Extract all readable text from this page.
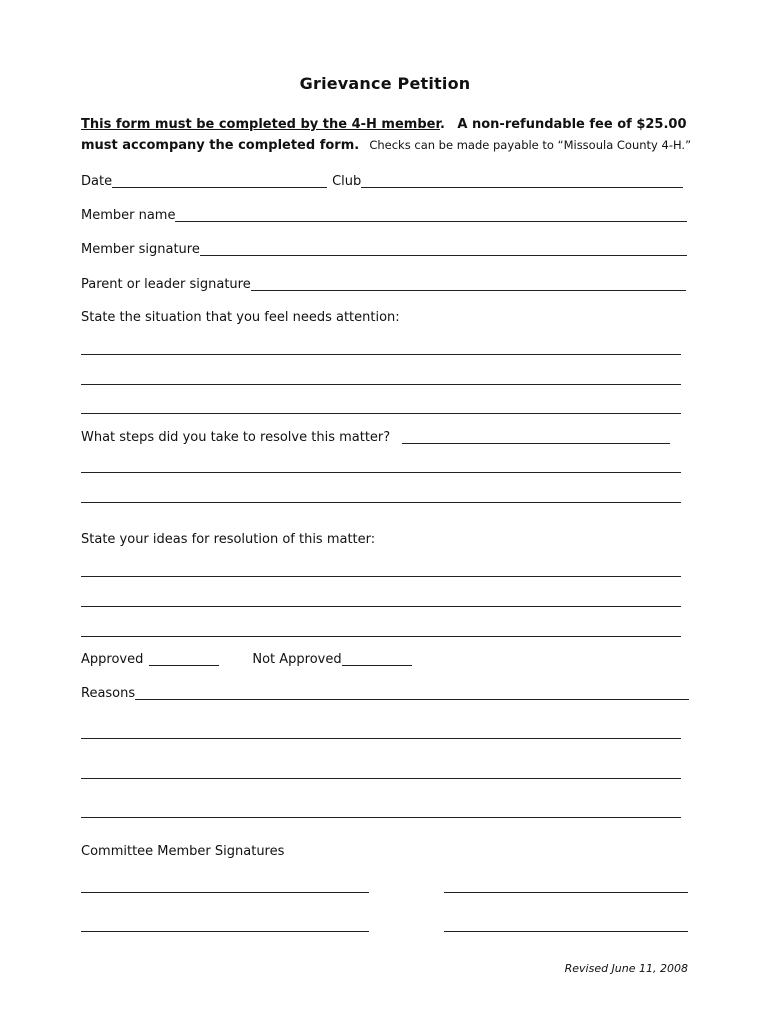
Grievance Petition
This form must be completed by the 4-H member. A non-refundable fee of $25.00
must accompany the completed form. Checks can be made payable to “Missoula County 4-H.”
Date	Club
Member name
Member signature
Parent or leader signature
State the situation that you feel needs attention:
What steps did you take to resolve this matter?
State your ideas for resolution of this matter:
Approved	Not Approved
Reasons
Committee Member Signatures
Revised June 11, 2008
